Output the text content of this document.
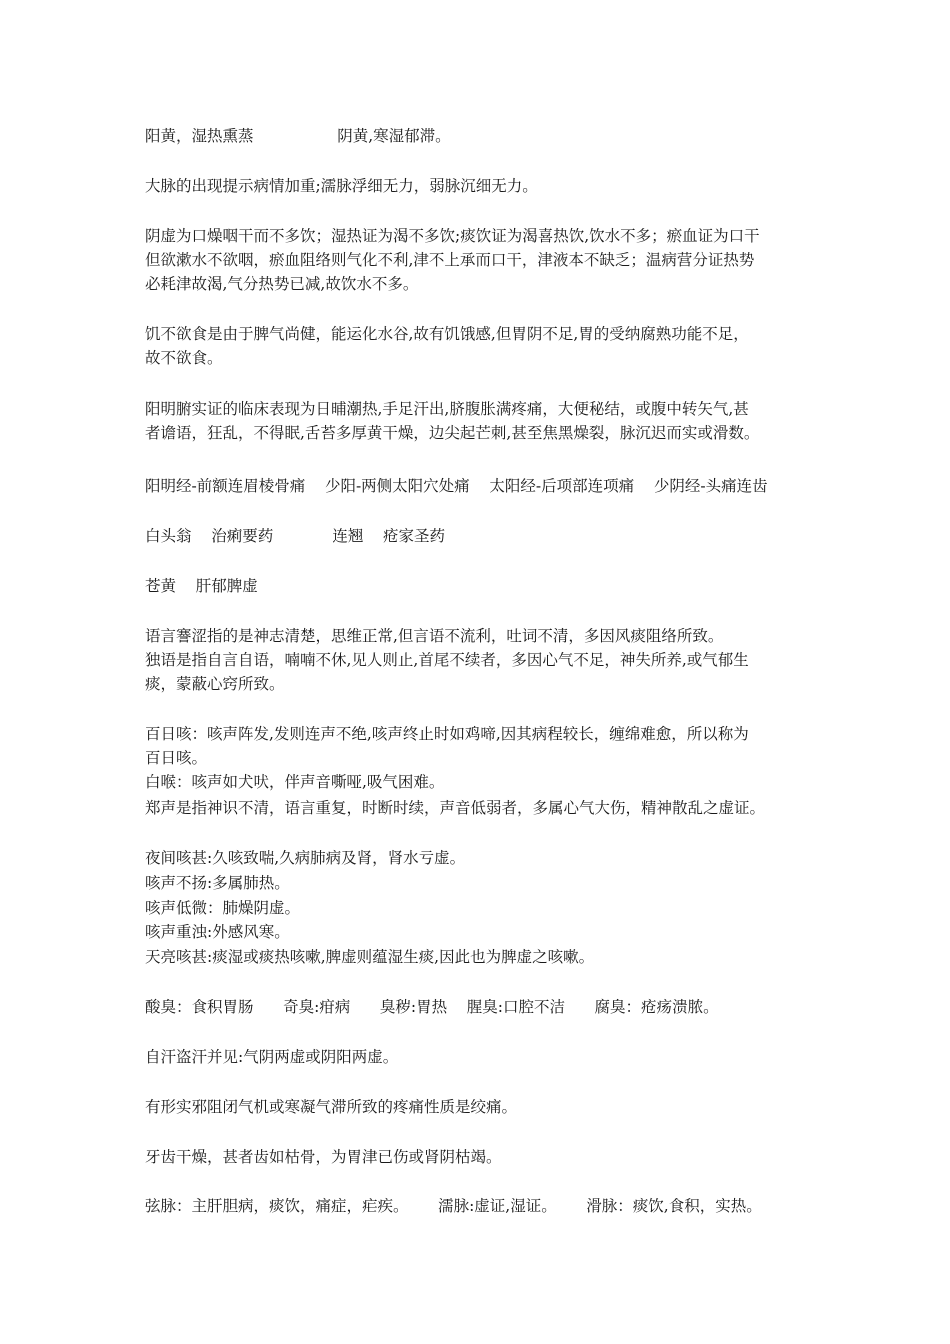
阳黄，湿热熏蒸                 阴黄,寒湿郁滞。
大脉的出现提示病情加重;濡脉浮细无力，弱脉沉细无力。
阴虚为口燥咽干而不多饮；湿热证为渴不多饮;痰饮证为渴喜热饮,饮水不多；瘀血证为口干
但欲漱水不欲咽，瘀血阻络则气化不利,津不上承而口干，津液本不缺乏；温病营分证热势
必耗津故渴,气分热势已减,故饮水不多。
饥不欲食是由于脾气尚健，能运化水谷,故有饥饿感,但胃阴不足,胃的受纳腐熟功能不足，
故不欲食。
阳明腑实证的临床表现为日晡潮热,手足汗出,脐腹胀满疼痛，大便秘结，或腹中转矢气,甚
者谵语，狂乱，不得眠,舌苔多厚黄干燥，边尖起芒刺,甚至焦黑燥裂，脉沉迟而实或滑数。
阳明经-前额连眉棱骨痛    少阳-两侧太阳穴处痛    太阳经-后项部连项痛    少阴经-头痛连齿
白头翁    治痢要药            连翘    疮家圣药
苍黄    肝郁脾虚
语言謇涩指的是神志清楚，思维正常,但言语不流利，吐词不清，多因风痰阻络所致。
独语是指自言自语，喃喃不休,见人则止,首尾不续者，多因心气不足，神失所养,或气郁生
痰，蒙蔽心窍所致。
百日咳：咳声阵发,发则连声不绝,咳声终止时如鸡啼,因其病程较长，缠绵难愈，所以称为
百日咳。
白喉：咳声如犬吠，伴声音嘶哑,吸气困难。
郑声是指神识不清，语言重复，时断时续，声音低弱者，多属心气大伤，精神散乱之虚证。
夜间咳甚:久咳致喘,久病肺病及肾，肾水亏虚。
咳声不扬:多属肺热。
咳声低微：肺燥阴虚。
咳声重浊:外感风寒。
天亮咳甚:痰湿或痰热咳嗽,脾虚则蕴湿生痰,因此也为脾虚之咳嗽。
酸臭：食积胃肠      奇臭:疳病      臭秽:胃热    腥臭:口腔不洁      腐臭：疮疡溃脓。
自汗盗汗并见:气阴两虚或阴阳两虚。
有形实邪阻闭气机或寒凝气滞所致的疼痛性质是绞痛。
牙齿干燥，甚者齿如枯骨，为胃津已伤或肾阴枯竭。
弦脉：主肝胆病，痰饮，痛症，疟疾。      濡脉:虚证,湿证。      滑脉：痰饮,食积，实热。
